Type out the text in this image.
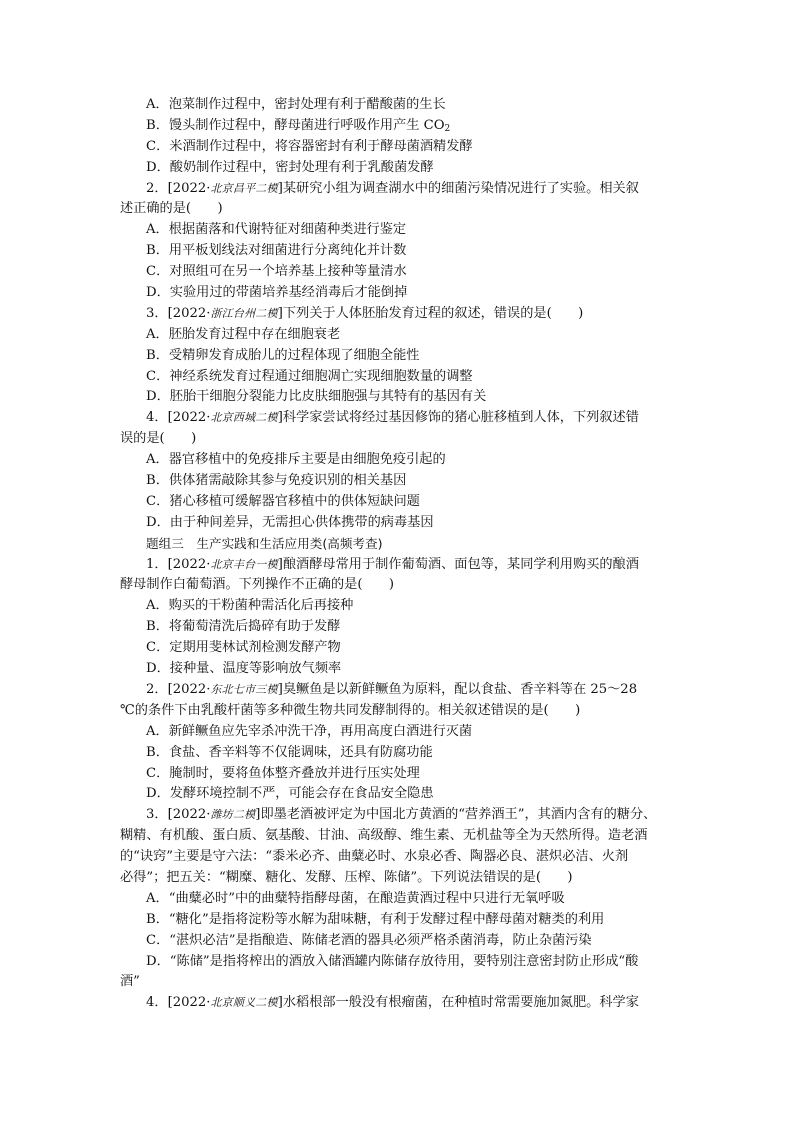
A．泡菜制作过程中，密封处理有利于醋酸菌的生长
B．馒头制作过程中，酵母菌进行呼吸作用产生 $CO_2$
C．米酒制作过程中，将容器密封有利于酵母菌酒精发酵
D．酸奶制作过程中，密封处理有利于乳酸菌发酵
2．[2022·北京昌平二模]某研究小组为调查湖水中的细菌污染情况进行了实验。相关叙
述正确的是(　　)
A．根据菌落和代谢特征对细菌种类进行鉴定
B．用平板划线法对细菌进行分离纯化并计数
C．对照组可在另一个培养基上接种等量清水
D．实验用过的带菌培养基经消毒后才能倒掉
3．[2022·浙江台州二模]下列关于人体胚胎发育过程的叙述，错误的是(　　)
A．胚胎发育过程中存在细胞衰老
B．受精卵发育成胎儿的过程体现了细胞全能性
C．神经系统发育过程通过细胞凋亡实现细胞数量的调整
D．胚胎干细胞分裂能力比皮肤细胞强与其特有的基因有关
4．[2022·北京西城二模]科学家尝试将经过基因修饰的猪心脏移植到人体，下列叙述错
误的是(　　)
A．器官移植中的免疫排斥主要是由细胞免疫引起的
B．供体猪需敲除其参与免疫识别的相关基因
C．猪心移植可缓解器官移植中的供体短缺问题
D．由于种间差异，无需担心供体携带的病毒基因
题组三　生产实践和生活应用类(高频考查)
1．[2022·北京丰台一模]酿酒酵母常用于制作葡萄酒、面包等，某同学利用购买的酿酒
酵母制作白葡萄酒。下列操作不正确的是(　　)
A．购买的干粉菌种需活化后再接种
B．将葡萄清洗后捣碎有助于发酵
C．定期用斐林试剂检测发酵产物
D．接种量、温度等影响放气频率
2．[2022·东北七市三模]臭鳜鱼是以新鲜鳜鱼为原料，配以食盐、香辛料等在 25～28
℃的条件下由乳酸杆菌等多种微生物共同发酵制得的。相关叙述错误的是(　　)
A．新鲜鳜鱼应先宰杀冲洗干净，再用高度白酒进行灭菌
B．食盐、香辛料等不仅能调味，还具有防腐功能
C．腌制时，要将鱼体整齐叠放并进行压实处理
D．发酵环境控制不严，可能会存在食品安全隐患
3．[2022·潍坊二模]即墨老酒被评定为中国北方黄酒的“营养酒王”，其酒内含有的糖分、
糊精、有机酸、蛋白质、氨基酸、甘油、高级醇、维生素、无机盐等全为天然所得。造老酒
的“诀窍”主要是守六法：“黍米必齐、曲糵必时、水泉必香、陶器必良、湛炽必洁、火剂
必得”；把五关：“糊糜、糖化、发酵、压榨、陈储”。下列说法错误的是(　　)
A．“曲糵必时”中的曲糵特指酵母菌，在酿造黄酒过程中只进行无氧呼吸
B．“糖化”是指将淀粉等水解为甜味糖，有利于发酵过程中酵母菌对糖类的利用
C．“湛炽必洁”是指酿造、陈储老酒的器具必须严格杀菌消毒，防止杂菌污染
D．“陈储”是指将榨出的酒放入储酒罐内陈储存放待用，要特别注意密封防止形成“酸
酒”
4．[2022·北京顺义二模]水稻根部一般没有根瘤菌，在种植时常需要施加氮肥。科学家
